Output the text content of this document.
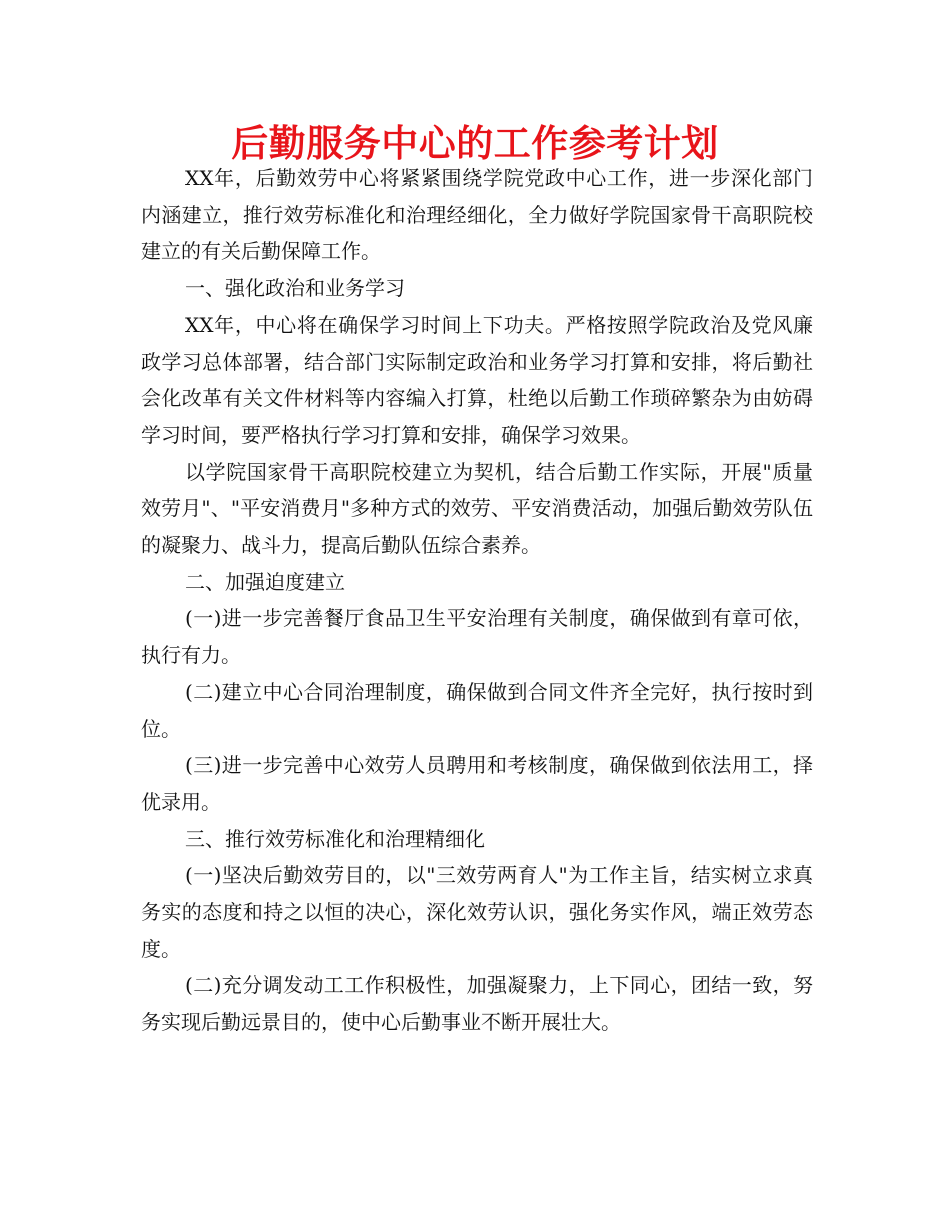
后勤服务中心的工作参考计划

XX年，后勤效劳中心将紧紧围绕学院党政中心工作，进一步深化部门内涵建立，推行效劳标准化和治理经细化，全力做好学院国家骨干高职院校建立的有关后勤保障工作。

一、强化政治和业务学习

XX年，中心将在确保学习时间上下功夫。严格按照学院政治及党风廉政学习总体部署，结合部门实际制定政治和业务学习打算和安排，将后勤社会化改革有关文件材料等内容编入打算，杜绝以后勤工作琐碎繁杂为由妨碍学习时间，要严格执行学习打算和安排，确保学习效果。

以学院国家骨干高职院校建立为契机，结合后勤工作实际，开展"质量效劳月"、"平安消费月"多种方式的效劳、平安消费活动，加强后勤效劳队伍的凝聚力、战斗力，提高后勤队伍综合素养。

二、加强迫度建立

(一)进一步完善餐厅食品卫生平安治理有关制度，确保做到有章可依，执行有力。

(二)建立中心合同治理制度，确保做到合同文件齐全完好，执行按时到位。

(三)进一步完善中心效劳人员聘用和考核制度，确保做到依法用工，择优录用。

三、推行效劳标准化和治理精细化

(一)坚决后勤效劳目的，以"三效劳两育人"为工作主旨，结实树立求真务实的态度和持之以恒的决心，深化效劳认识，强化务实作风，端正效劳态度。

(二)充分调发动工工作积极性，加强凝聚力，上下同心，团结一致，努务实现后勤远景目的，使中心后勤事业不断开展壮大。
